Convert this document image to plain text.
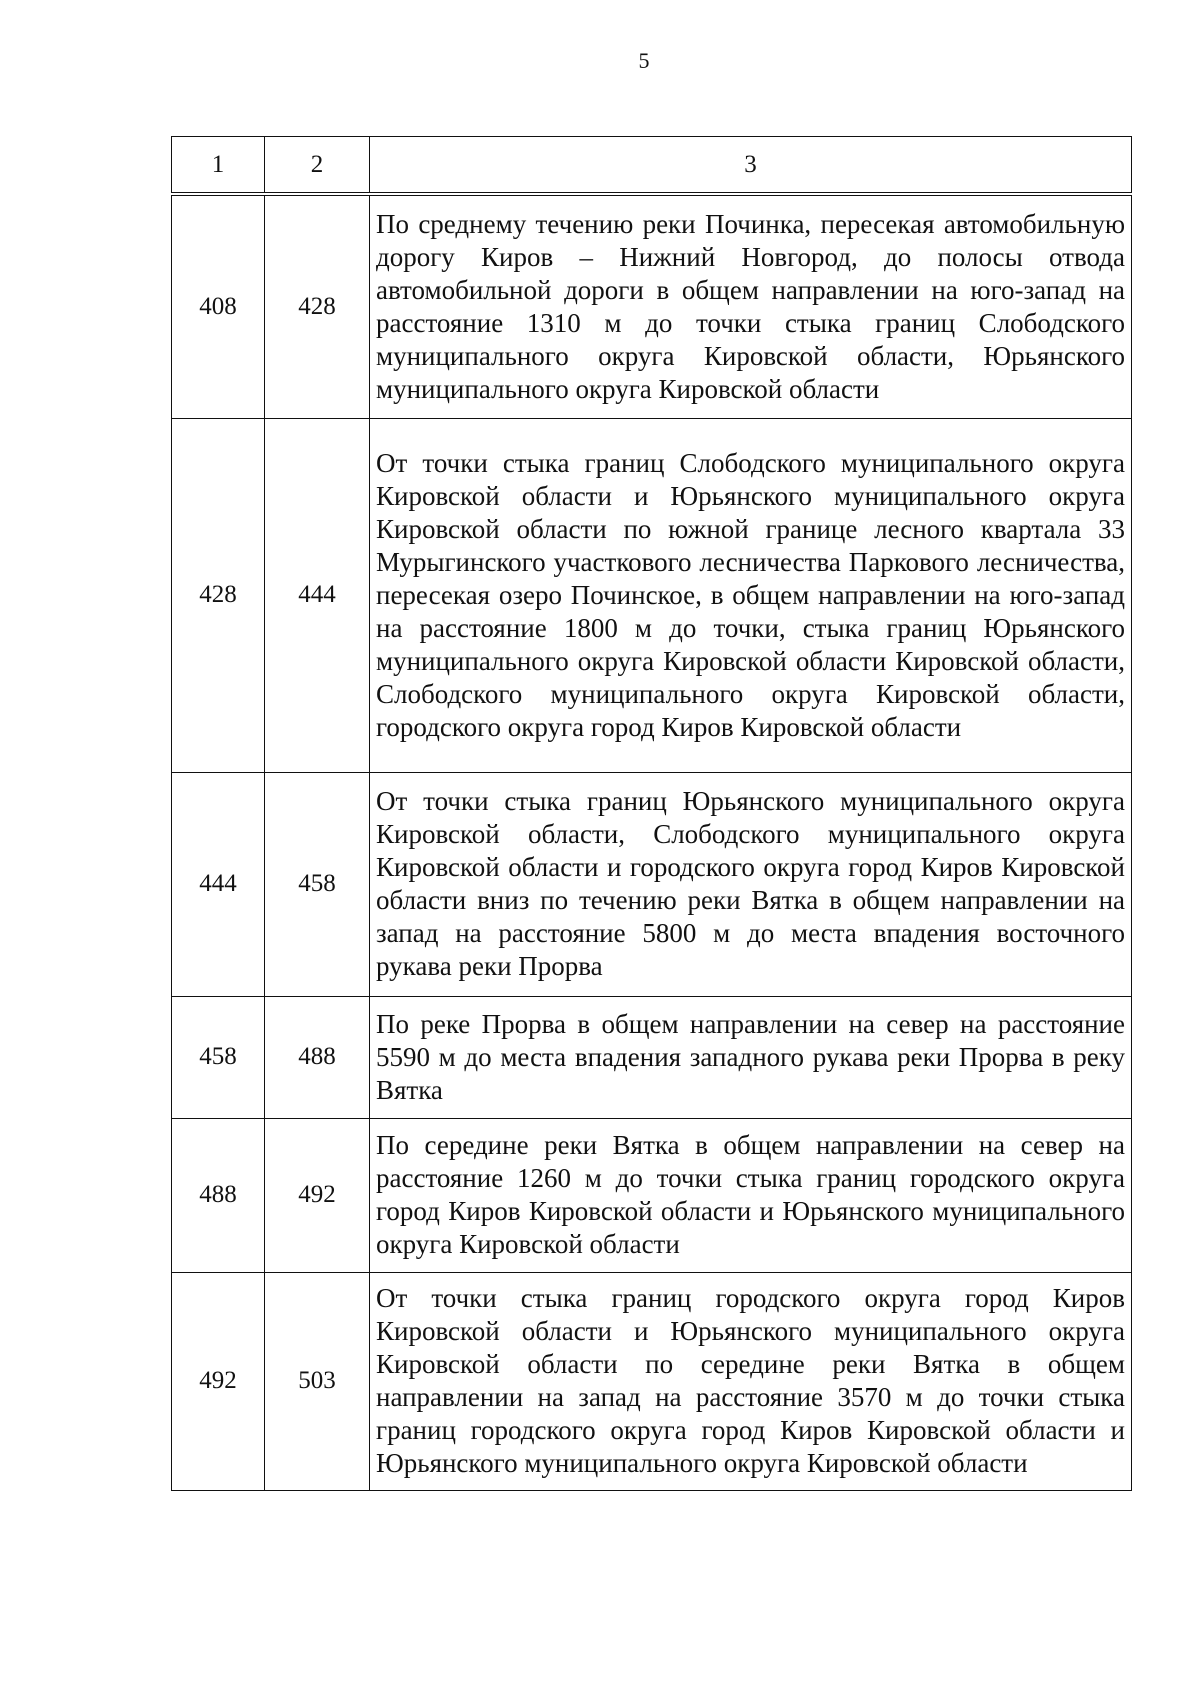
5
1	2	3
408	428	По среднему течению реки Починка, пересекая автомобильную дорогу Киров – Нижний Новгород, до полосы отвода автомобильной дороги в общем направлении на юго-запад на расстояние 1310 м до точки стыка границ Слободского муниципального округа Кировской области, Юрьянского муниципального округа Кировской области
428	444	От точки стыка границ Слободского муниципального округа Кировской области и Юрьянского муниципального округа Кировской области по южной границе лесного квартала 33 Мурыгинского участкового лесничества Паркового лесничества, пересекая озеро Починское, в общем направлении на юго-запад на расстояние 1800 м до точки, стыка границ Юрьянского муниципального округа Кировской области Кировской области, Слободского муниципального округа Кировской области, городского округа город Киров Кировской области
444	458	От точки стыка границ Юрьянского муниципального округа Кировской области, Слободского муниципального округа Кировской области и городского округа город Киров Кировской области вниз по течению реки Вятка в общем направлении на запад на расстояние 5800 м до места впадения восточного рукава реки Прорва
458	488	По реке Прорва в общем направлении на север на расстояние 5590 м до места впадения западного рукава реки Прорва в реку Вятка
488	492	По середине реки Вятка в общем направлении на север на расстояние 1260 м до точки стыка границ городского округа город Киров Кировской области и Юрьянского муниципального округа Кировской области
492	503	От точки стыка границ городского округа город Киров Кировской области и Юрьянского муниципального округа Кировской области по середине реки Вятка в общем направлении на запад на расстояние 3570 м до точки стыка границ городского округа город Киров Кировской области и Юрьянского муниципального округа Кировской области
